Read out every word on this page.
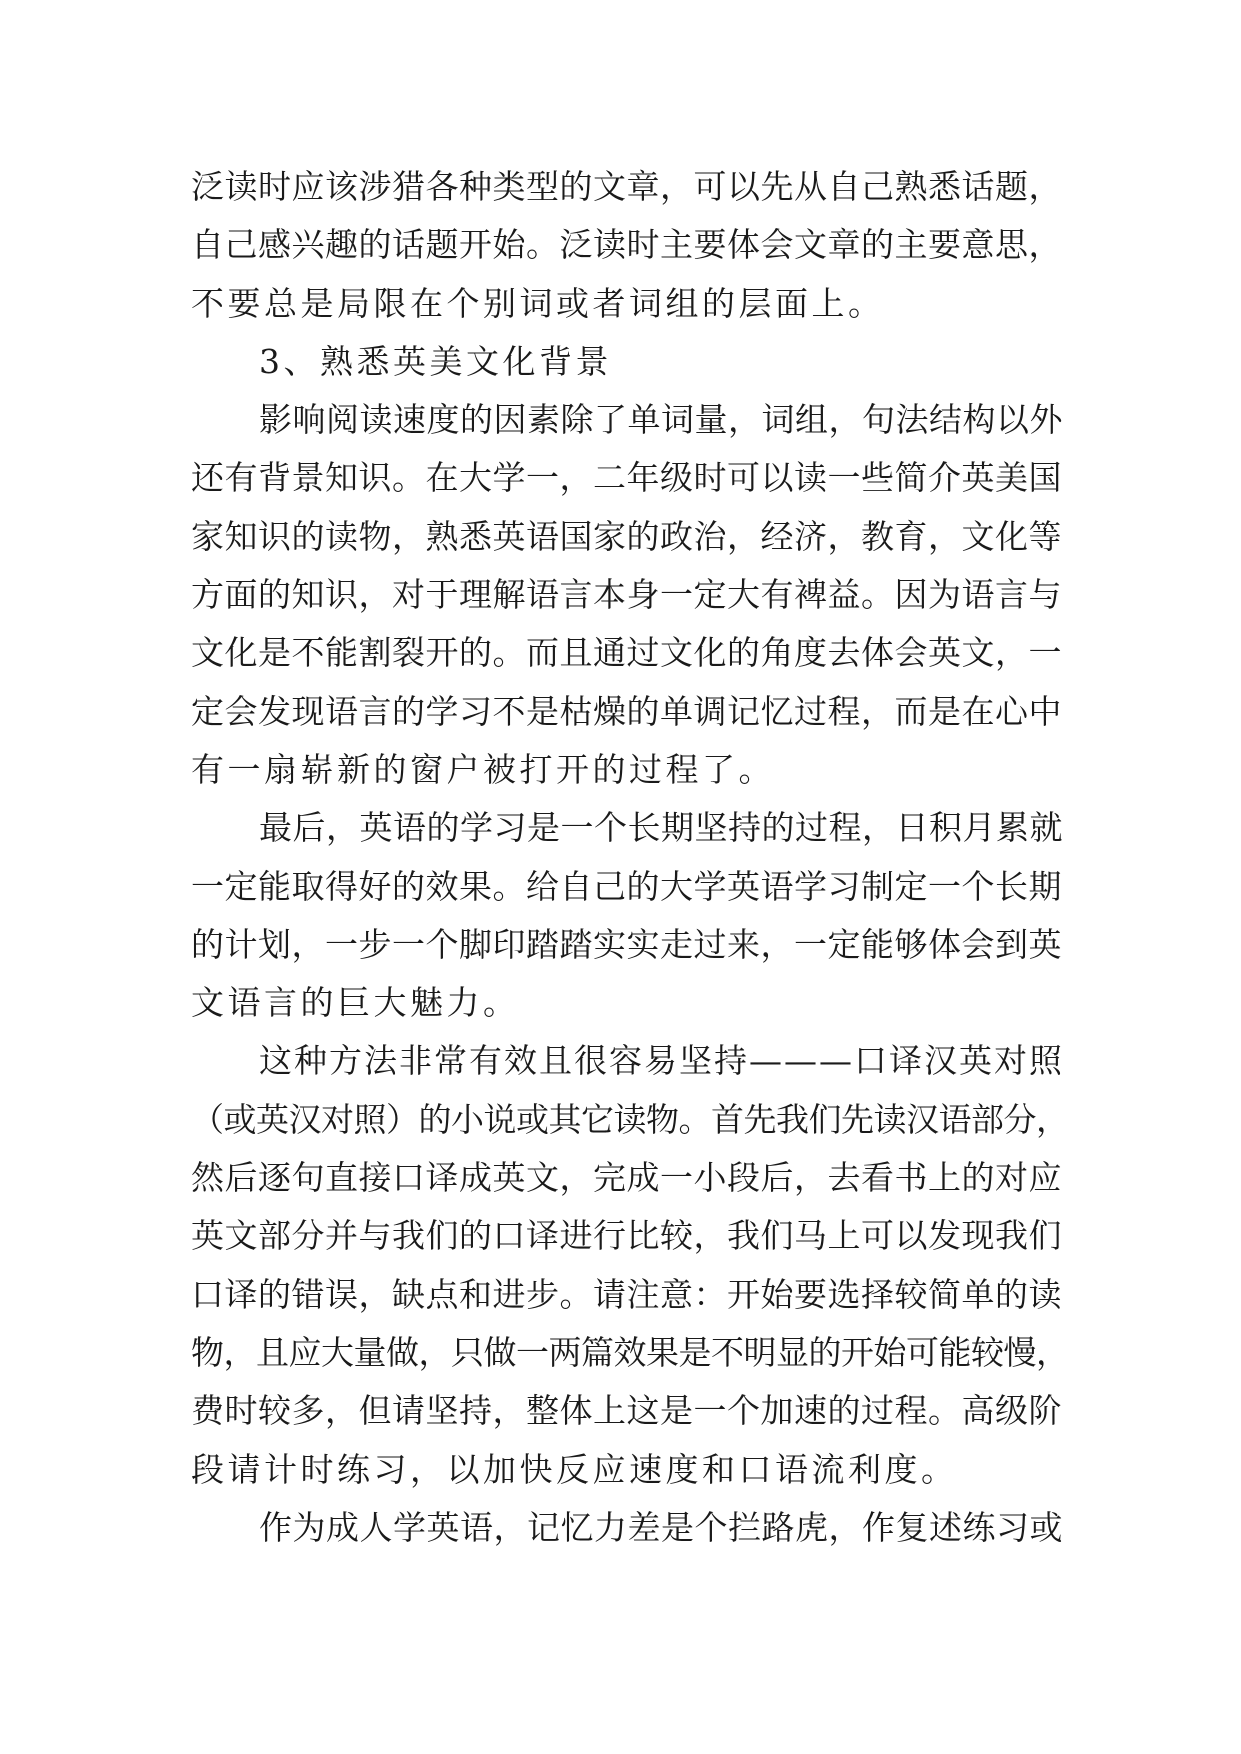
泛读时应该涉猎各种类型的文章，可以先从自己熟悉话题，
自己感兴趣的话题开始。泛读时主要体会文章的主要意思，
不要总是局限在个别词或者词组的层面上。
3、熟悉英美文化背景
影响阅读速度的因素除了单词量，词组，句法结构以外
还有背景知识。在大学一，二年级时可以读一些简介英美国
家知识的读物，熟悉英语国家的政治，经济，教育，文化等
方面的知识，对于理解语言本身一定大有裨益。因为语言与
文化是不能割裂开的。而且通过文化的角度去体会英文，一
定会发现语言的学习不是枯燥的单调记忆过程，而是在心中
有一扇崭新的窗户被打开的过程了。
最后，英语的学习是一个长期坚持的过程，日积月累就
一定能取得好的效果。给自己的大学英语学习制定一个长期
的计划，一步一个脚印踏踏实实走过来，一定能够体会到英
文语言的巨大魅力。
这种方法非常有效且很容易坚持———口译汉英对照
（或英汉对照）的小说或其它读物。首先我们先读汉语部分，
然后逐句直接口译成英文，完成一小段后，去看书上的对应
英文部分并与我们的口译进行比较，我们马上可以发现我们
口译的错误，缺点和进步。请注意：开始要选择较简单的读
物，且应大量做，只做一两篇效果是不明显的开始可能较慢，
费时较多，但请坚持，整体上这是一个加速的过程。高级阶
段请计时练习，以加快反应速度和口语流利度。
作为成人学英语，记忆力差是个拦路虎，作复述练习或
